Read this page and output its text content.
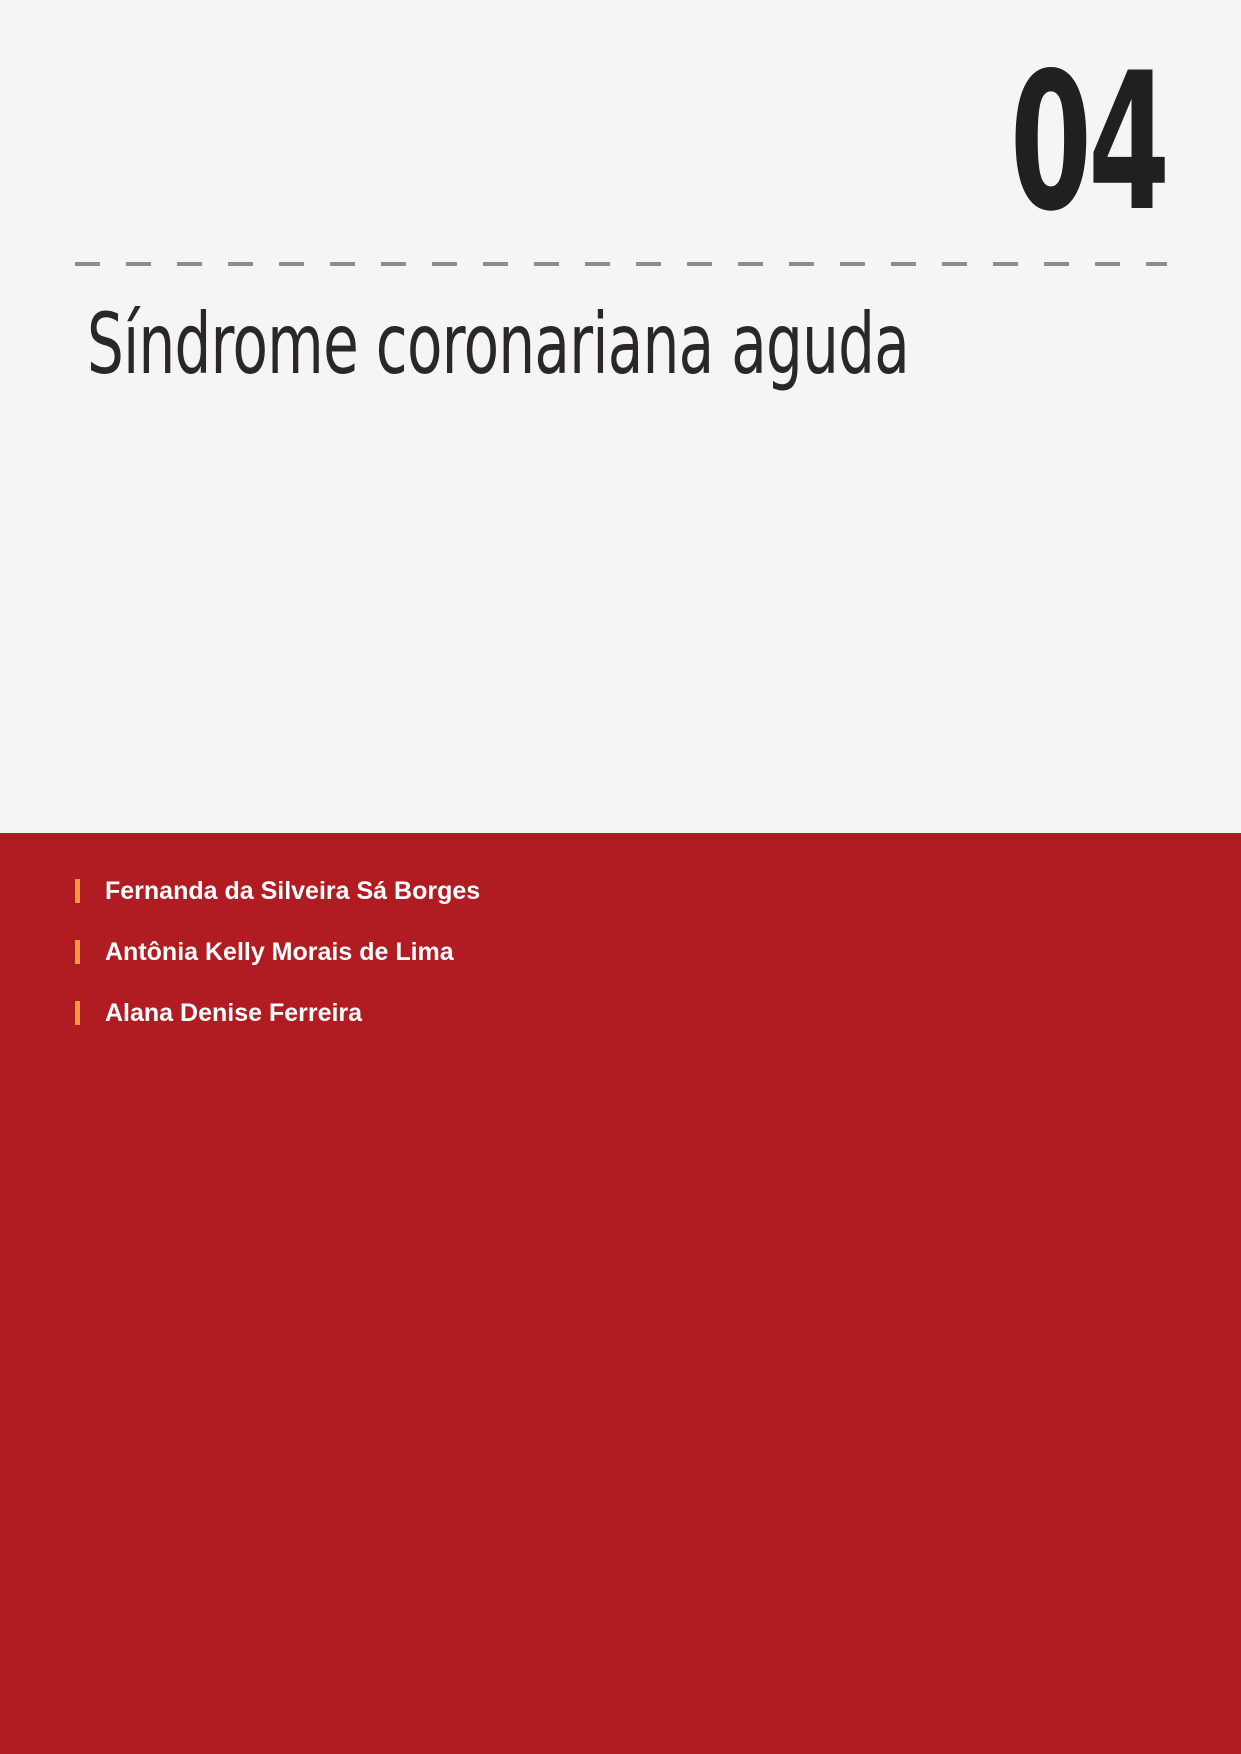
04
Síndrome coronariana aguda
Fernanda da Silveira Sá Borges
Antônia Kelly Morais de Lima
Alana Denise Ferreira
